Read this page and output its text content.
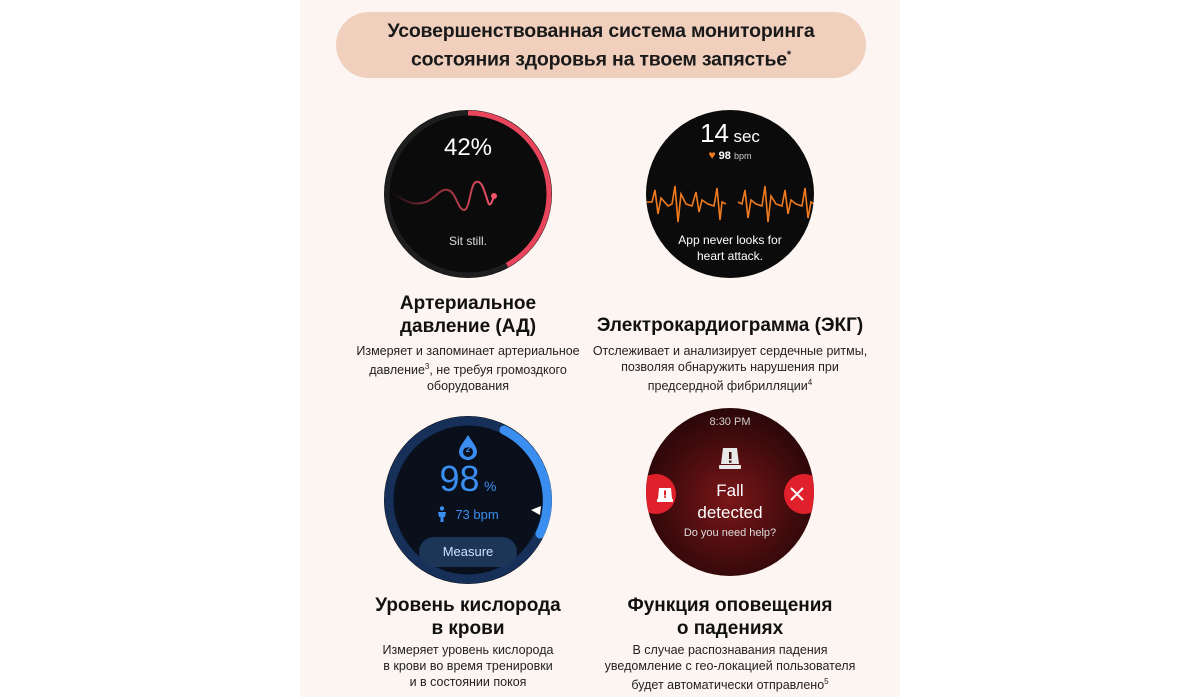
Усовершенствованная система мониторинга
состояния здоровья на твоем запястье*
42%
Sit still.
Артериальное
давление (АД)
Измеряет и запоминает артериальное
давление$^3$, не требуя громоздкого
оборудования
14 sec
♥ 98 bpm
App never looks for
heart attack.
Электрокардиограмма (ЭКГ)
Отслеживает и анализирует сердечные ритмы,
позволяя обнаружить нарушения при
предсердной фибрилляции$^4$
2
98 %
73 bpm
Measure
Уровень кислорода
в крови
Измеряет уровень кислорода
в крови во время тренировки
и в состоянии покоя
8:30 PM
Fall
detected
Do you need help?
Функция оповещения
о падениях
В случае распознавания падения
уведомление с гео-локацией пользователя
будет автоматически отправлено$^5$
